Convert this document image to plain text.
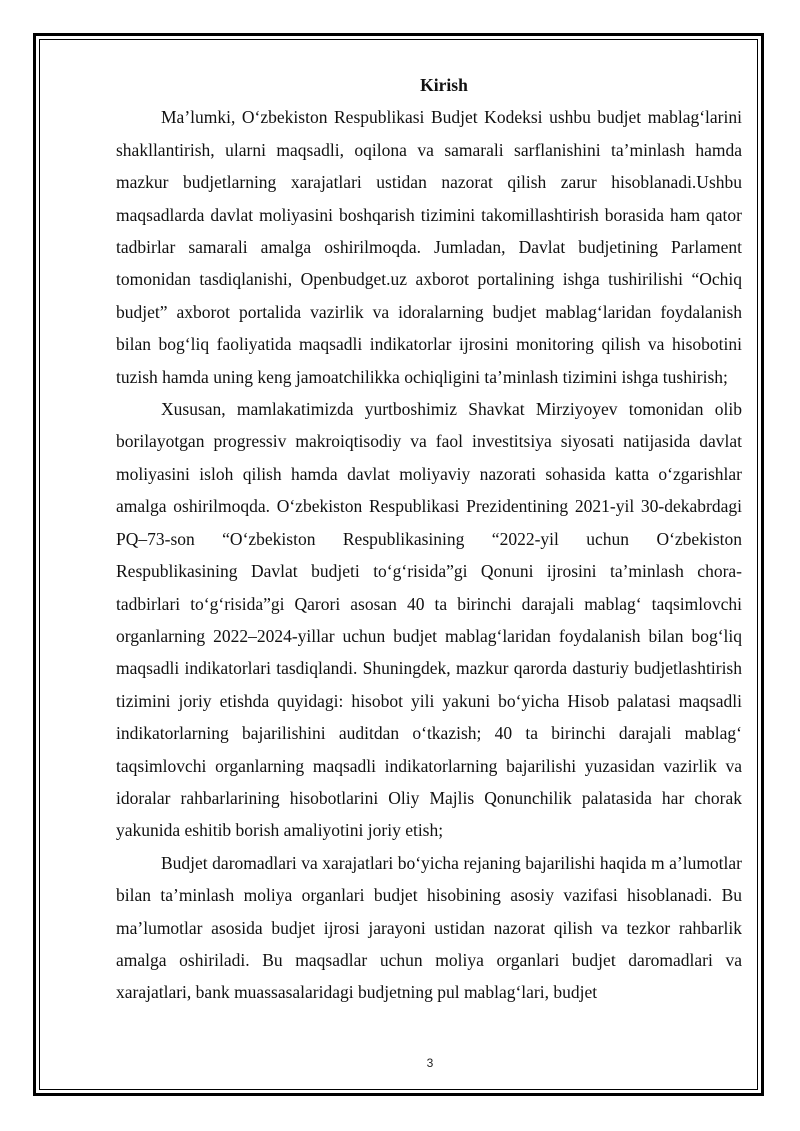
Kirish

Ma’lumki, O‘zbekiston Respublikasi Budjet Kodeksi ushbu budjet mablag‘larini shakllantirish, ularni maqsadli, oqilona va samarali sarflanishini ta’minlash hamda mazkur budjetlarning xarajatlari ustidan nazorat qilish zarur hisoblanadi.Ushbu maqsadlarda davlat moliyasini boshqarish tizimini takomillashtirish borasida ham qator tadbirlar samarali amalga oshirilmoqda. Jumladan, Davlat budjetining Parlament tomonidan tasdiqlanishi, Openbudget.uz axborot portalining ishga tushirilishi “Ochiq budjet” axborot portalida vazirlik va idoralarning budjet mablag‘laridan foydalanish bilan bog‘liq faoliyatida maqsadli indikatorlar ijrosini monitoring qilish va hisobotini tuzish hamda uning keng jamoatchilikka ochiqligini ta’minlash tizimini ishga tushirish;

Xususan, mamlakatimizda yurtboshimiz Shavkat Mirziyoyev tomonidan olib borilayotgan progressiv makroiqtisodiy va faol investitsiya siyosati natijasida davlat moliyasini isloh qilish hamda davlat moliyaviy nazorati sohasida katta o‘zgarishlar amalga oshirilmoqda. O‘zbekiston Respublikasi Prezidentining 2021-yil 30-dekabrdagi PQ–73-son “O‘zbekiston Respublikasining “2022-yil uchun O‘zbekiston Respublikasining Davlat budjeti to‘g‘risida”gi Qonuni ijrosini ta’minlash chora-tadbirlari to‘g‘risida”gi Qarori asosan 40 ta birinchi darajali mablag‘ taqsimlovchi organlarning 2022–2024-yillar uchun budjet mablag‘laridan foydalanish bilan bog‘liq maqsadli indikatorlari tasdiqlandi. Shuningdek, mazkur qarorda dasturiy budjetlashtirish tizimini joriy etishda quyidagi: hisobot yili yakuni bo‘yicha Hisob palatasi maqsadli indikatorlarning bajarilishini auditdan o‘tkazish; 40 ta birinchi darajali mablag‘ taqsimlovchi organlarning maqsadli indikatorlarning bajarilishi yuzasidan vazirlik va idoralar rahbarlarining hisobotlarini Oliy Majlis Qonunchilik palatasida har chorak yakunida eshitib borish amaliyotini joriy etish;

Budjet daromadlari va xarajatlari bo‘yicha rejaning bajarilishi haqida m a’lumotlar bilan ta’minlash moliya organlari budjet hisobining asosiy vazifasi hisoblanadi. Bu ma’lumotlar asosida budjet ijrosi jarayoni ustidan nazorat qilish va tezkor rahbarlik amalga oshiriladi. Bu maqsadlar uchun moliya organlari budjet daromadlari va xarajatlari, bank muassasalaridagi budjetning pul mablag‘lari, budjet

3
